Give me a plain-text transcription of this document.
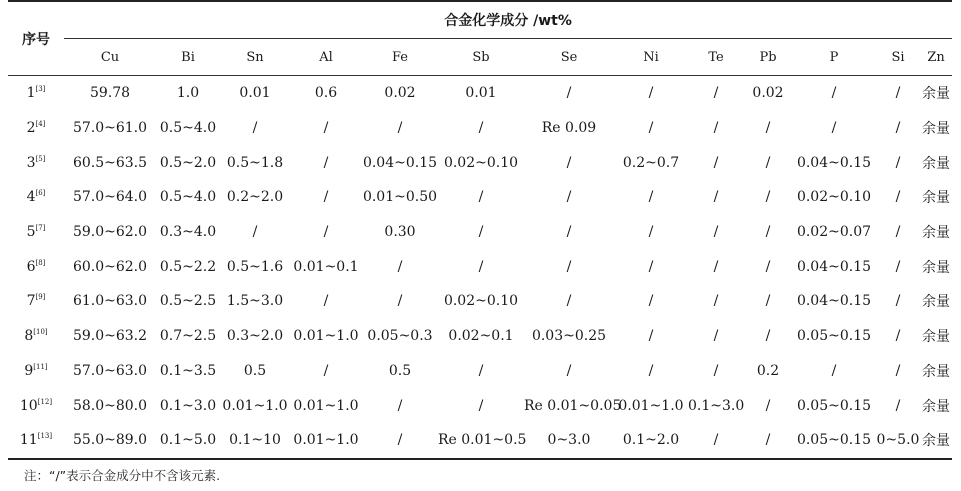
序号	合金化学成分 /wt%												
	Cu	Bi	Sn	Al	Fe	Sb	Se	Ni	Te	Pb	P	Si	Zn
1[3]	59.78	1.0	0.01	0.6	0.02	0.01	/	/	/	0.02	/	/	余量
2[4]	57.0~61.0	0.5~4.0	/	/	/	/	Re 0.09	/	/	/	/	/	余量
3[5]	60.5~63.5	0.5~2.0	0.5~1.8	/	0.04~0.15	0.02~0.10	/	0.2~0.7	/	/	0.04~0.15	/	余量
4[6]	57.0~64.0	0.5~4.0	0.2~2.0	/	0.01~0.50	/	/	/	/	/	0.02~0.10	/	余量
5[7]	59.0~62.0	0.3~4.0	/	/	0.30	/	/	/	/	/	0.02~0.07	/	余量
6[8]	60.0~62.0	0.5~2.2	0.5~1.6	0.01~0.1	/	/	/	/	/	/	0.04~0.15	/	余量
7[9]	61.0~63.0	0.5~2.5	1.5~3.0	/	/	0.02~0.10	/	/	/	/	0.04~0.15	/	余量
8[10]	59.0~63.2	0.7~2.5	0.3~2.0	0.01~1.0	0.05~0.3	0.02~0.1	0.03~0.25	/	/	/	0.05~0.15	/	余量
9[11]	57.0~63.0	0.1~3.5	0.5	/	0.5	/	/	/	/	0.2	/	/	余量
10[12]	58.0~80.0	0.1~3.0	0.01~1.0	0.01~1.0	/	/	Re 0.01~0.05	0.01~1.0	0.1~3.0	/	0.05~0.15	/	余量
11[13]	55.0~89.0	0.1~5.0	0.1~10	0.01~1.0	/	Re 0.01~0.5	0~3.0	0.1~2.0	/	/	0.05~0.15	0~5.0	余量
注：“/”表示合金成分中不含该元素.
